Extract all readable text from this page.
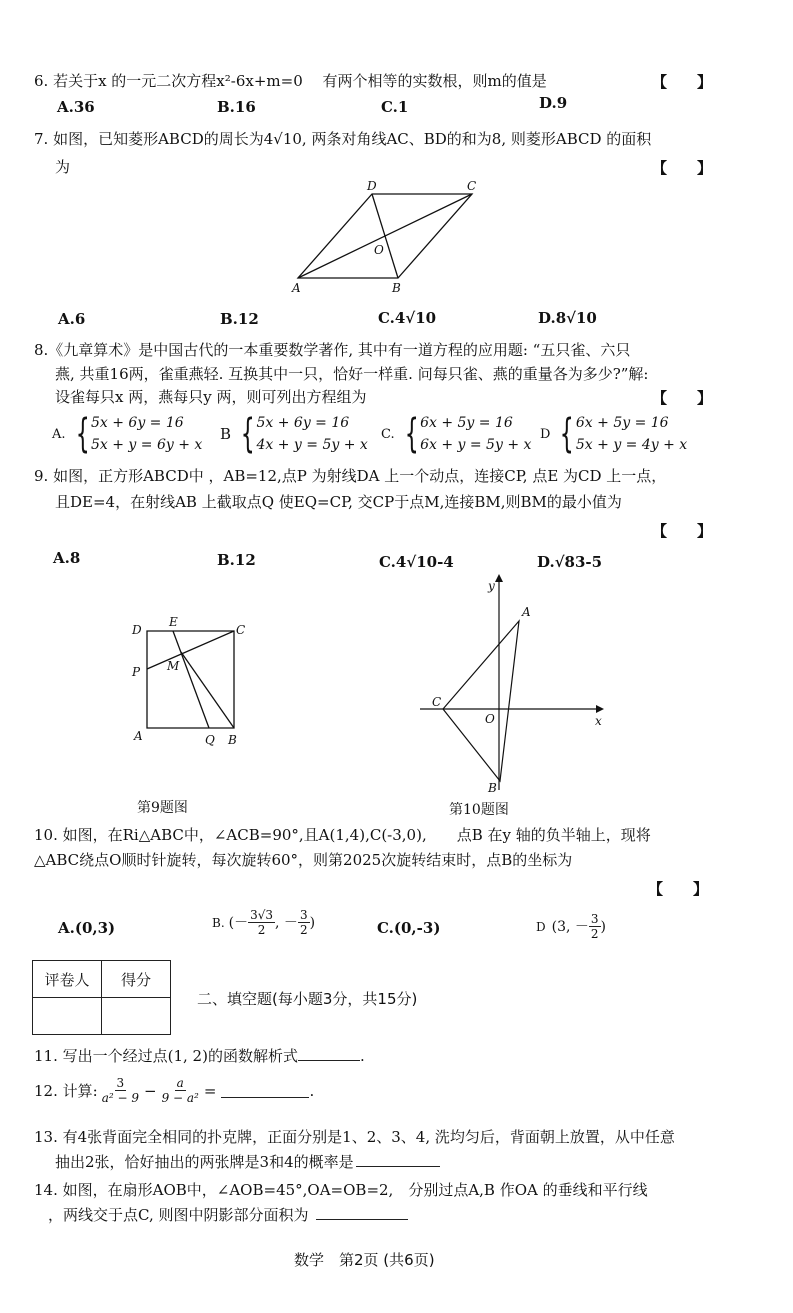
6. 若关于x 的一元二次方程x²-6x+m=0　 有两个相等的实数根，则m的值是	【　　】
A.36	B.16	C.1	D.9
7. 如图，已知菱形ABCD的周长为4√10, 两条对角线AC、BD的和为8, 则菱形ABCD 的面积
为	【　　】
D	C
O
A	B
A.6	B.12	C.4√10	D.8√10
8.《九章算术》是中国古代的一本重要数学著作, 其中有一道方程的应用题: “五只雀、六只
燕, 共重16两，雀重燕轻. 互换其中一只，恰好一样重. 问每只雀、燕的重量各为多少?”解:
设雀每只x 两，燕每只y 两，则可列出方程组为	【　　】
A. { 5x + 6y = 16
5x + y = 6y + x
B { 5x + 6y = 16
4x + y = 5y + x
C. { 6x + 5y = 16
6x + y = 5y + x
D { 6x + 5y = 16
5x + y = 4y + x
9. 如图，正方形ABCD中 ，AB=12,点P 为射线DA 上一个动点，连接CP, 点E 为CD 上一点，
且DE=4，在射线AB 上截取点Q 使EQ=CP, 交CP于点M,连接BM,则BM的最小值为
【　　】
A.8	B.12	C.4√10-4	D.√83-5
D
E
C
P M
A	Q B
第9题图
y
A
C
O	x
B
第10题图
10. 如图，在Ri△ABC中，∠ACB=90°,且A(1,4),C(-3,0),　　点B 在y 轴的负半轴上，现将
△ABC绕点O顺时针旋转，每次旋转60°，则第2025次旋转结束时，点B的坐标为
【　　】
A.(0,3)	B. (－ $\frac{3√3}{2}$ , － $\frac{3}{2}$ )	C.(0,-3)	D (3, － $\frac{3}{2}$ )
评卷人	得分

二、填空题(每小题3分，共15分)
11. 写出一个经过点(1, 2)的函数解析式	.
12. 计算: $\frac{3}{\text{a² − 9}} - \frac{a}{\text{9 − a²}}$ =	.
13. 有4张背面完全相同的扑克牌，正面分别是1、2、3、4, 洗均匀后，背面朝上放置，从中任意
抽出2张，恰好抽出的两张牌是3和4的概率是
14. 如图，在扇形AOB中，∠AOB=45°,OA=OB=2,　分别过点A,B 作OA 的垂线和平行线
，两线交于点C, 则图中阴影部分面积为
数学　第2页 (共6页)
